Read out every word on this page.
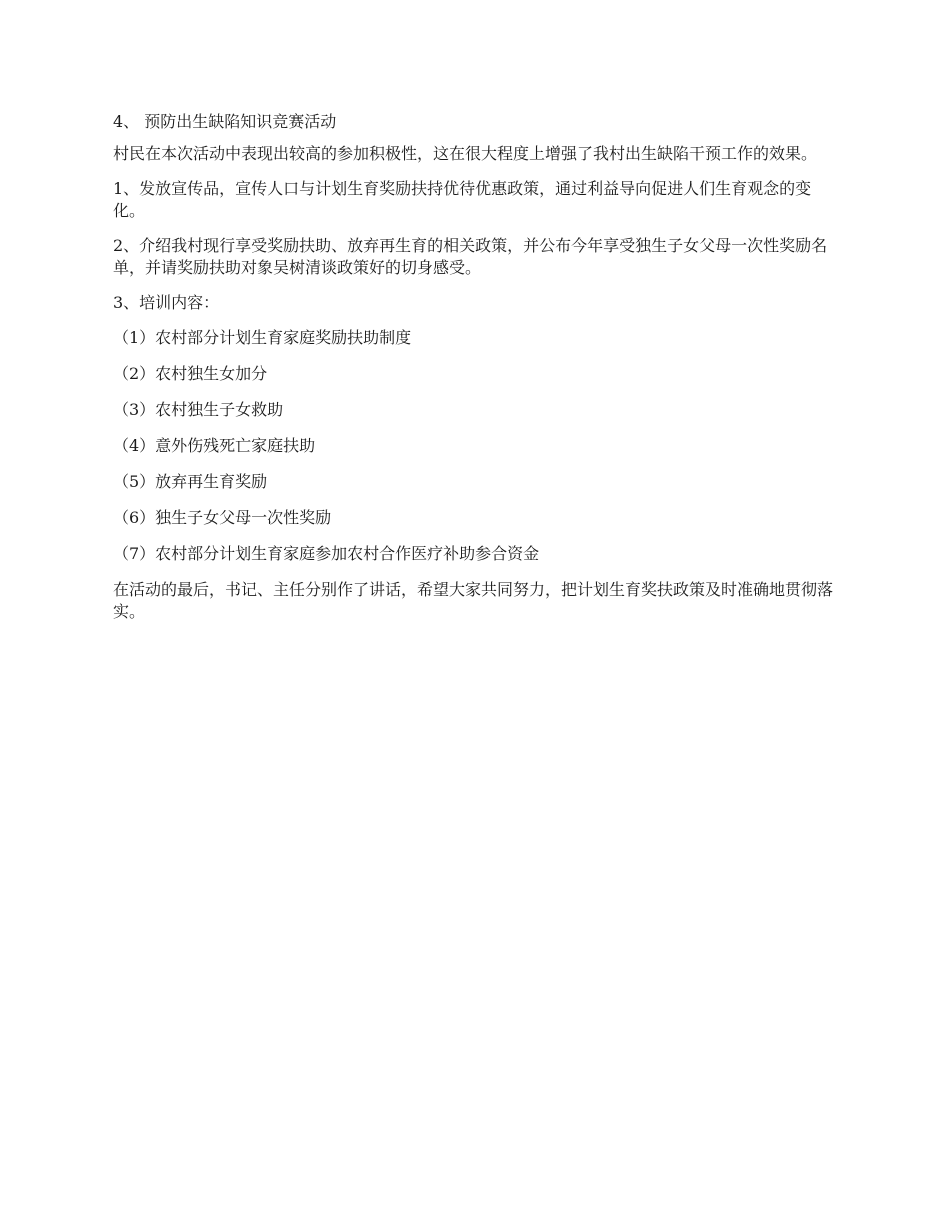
4、 预防出生缺陷知识竞赛活动

村民在本次活动中表现出较高的参加积极性，这在很大程度上增强了我村出生缺陷干预工作的效果。

1、发放宣传品，宣传人口与计划生育奖励扶持优待优惠政策，通过利益导向促进人们生育观念的变化。

2、介绍我村现行享受奖励扶助、放弃再生育的相关政策，并公布今年享受独生子女父母一次性奖励名单，并请奖励扶助对象吴树清谈政策好的切身感受。

3、培训内容：

（1）农村部分计划生育家庭奖励扶助制度

（2）农村独生女加分

（3）农村独生子女救助

（4）意外伤残死亡家庭扶助

（5）放弃再生育奖励

（6）独生子女父母一次性奖励

（7）农村部分计划生育家庭参加农村合作医疗补助参合资金

在活动的最后，书记、主任分别作了讲话，希望大家共同努力，把计划生育奖扶政策及时准确地贯彻落实。
